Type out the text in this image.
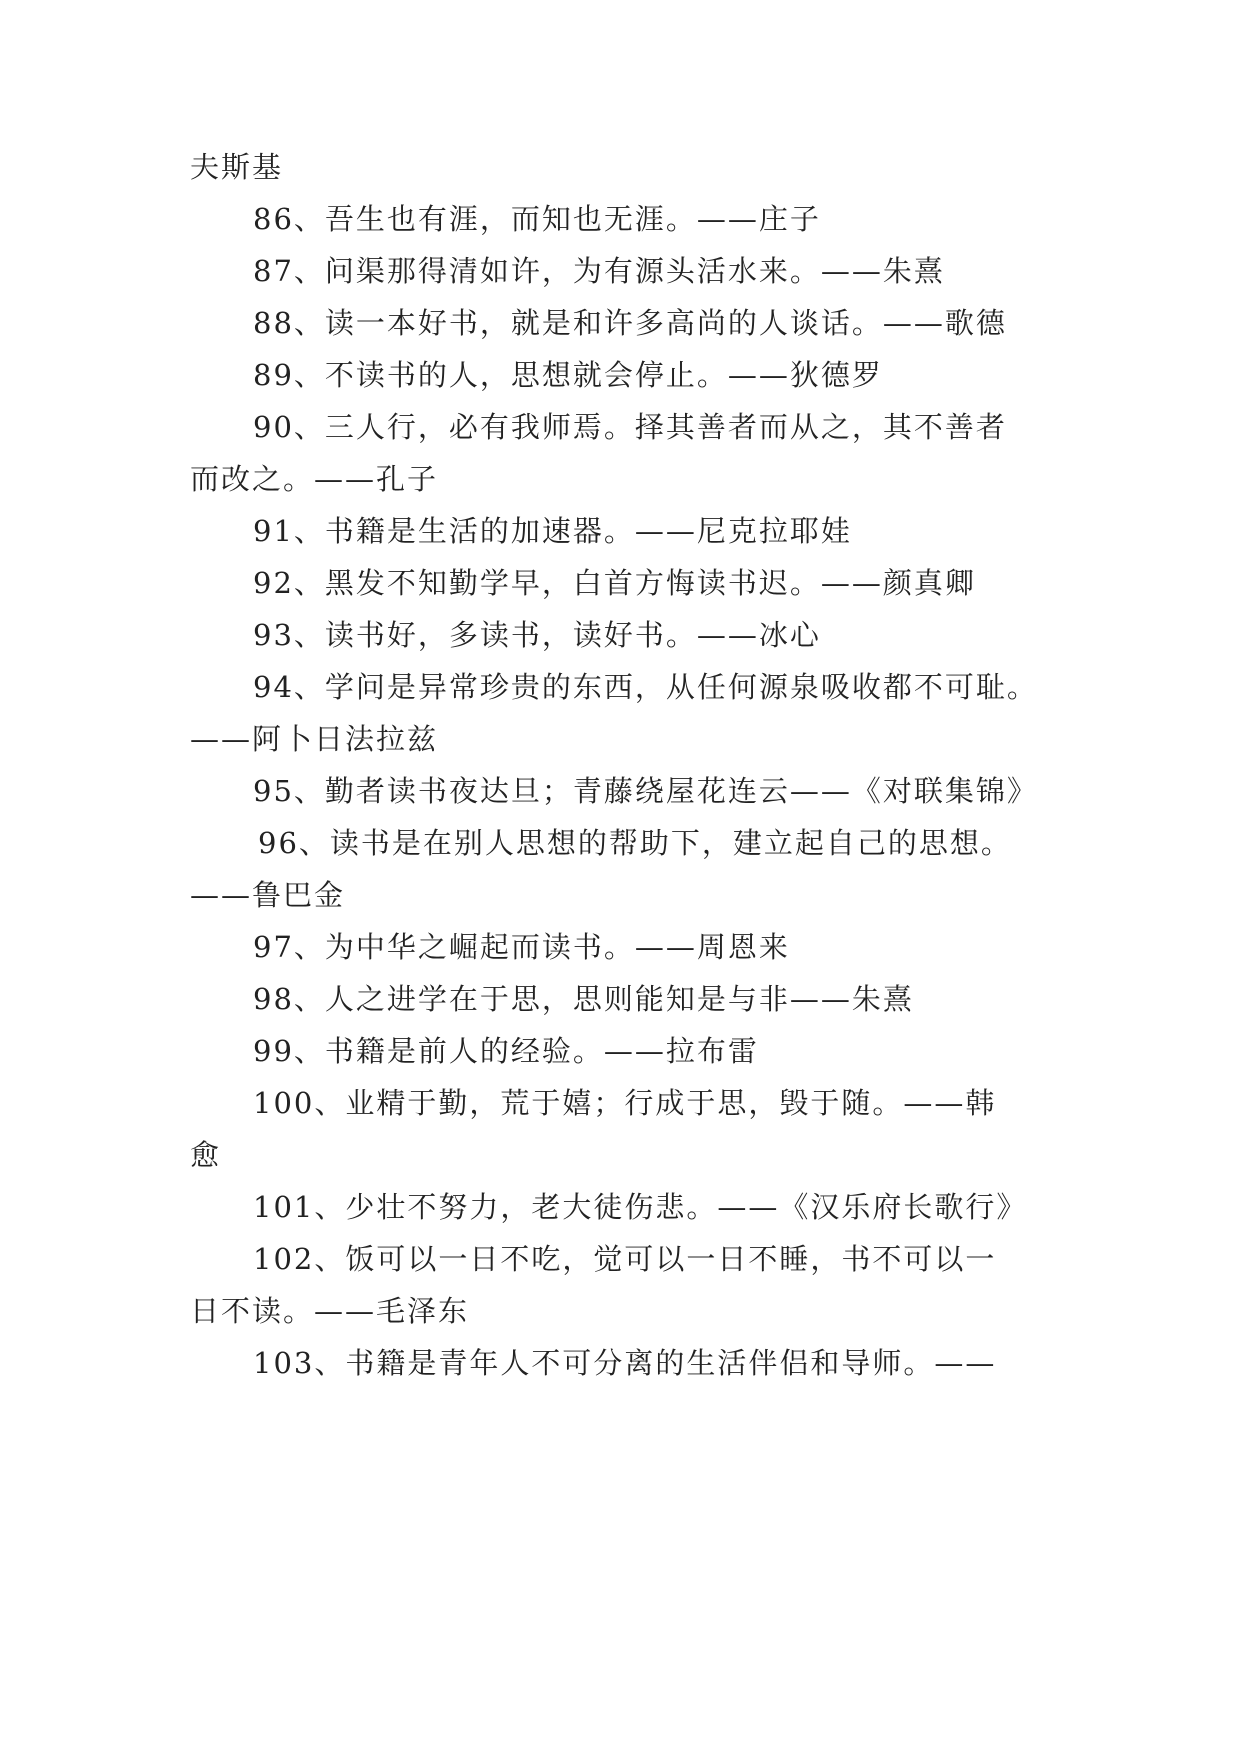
夫斯基
86、吾生也有涯，而知也无涯。——庄子
87、问渠那得清如许，为有源头活水来。——朱熹
88、读一本好书，就是和许多高尚的人谈话。——歌德
89、不读书的人，思想就会停止。——狄德罗
90、三人行，必有我师焉。择其善者而从之，其不善者
而改之。——孔子
91、书籍是生活的加速器。——尼克拉耶娃
92、黑发不知勤学早，白首方悔读书迟。——颜真卿
93、读书好，多读书，读好书。——冰心
94、学问是异常珍贵的东西，从任何源泉吸收都不可耻。
——阿卜日法拉兹
95、勤者读书夜达旦；青藤绕屋花连云——《对联集锦》
96、读书是在别人思想的帮助下，建立起自己的思想。
——鲁巴金
97、为中华之崛起而读书。——周恩来
98、人之进学在于思，思则能知是与非——朱熹
99、书籍是前人的经验。——拉布雷
100、业精于勤，荒于嬉；行成于思，毁于随。——韩
愈
101、少壮不努力，老大徒伤悲。——《汉乐府长歌行》
102、饭可以一日不吃，觉可以一日不睡，书不可以一
日不读。——毛泽东
103、书籍是青年人不可分离的生活伴侣和导师。——
